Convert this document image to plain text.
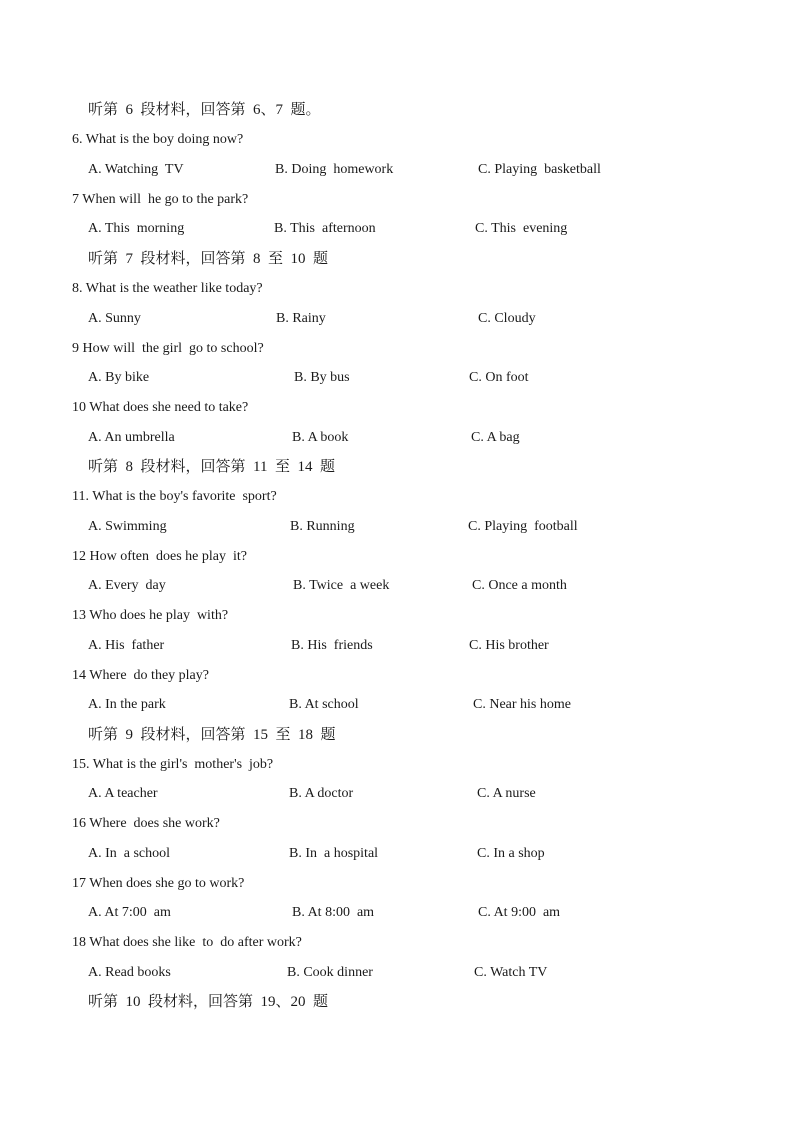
听第  6  段材料，回答第  6、7  题。
6. What is the boy doing now?
A. Watching  TV	B. Doing  homework	C. Playing  basketball
7 When will  he go to the park?
A. This  morning	B. This  afternoon	C. This  evening
听第  7  段材料，回答第  8  至  10  题
8. What is the weather like today?
A. Sunny	B. Rainy	C. Cloudy
9 How will  the girl  go to school?
A. By bike	B. By bus	C. On foot
10 What does she need to take?
A. An umbrella	B. A book	C. A bag
听第  8  段材料，回答第  11  至  14  题
11. What is the boy's favorite  sport?
A. Swimming	B. Running	C. Playing  football
12 How often  does he play  it?
A. Every  day	B. Twice  a week	C. Once a month
13 Who does he play  with?
A. His  father	B. His  friends	C. His brother
14 Where  do they play?
A. In the park	B. At school	C. Near his home
听第  9  段材料，回答第  15  至  18  题
15. What is the girl's  mother's  job?
A. A teacher	B. A doctor	C. A nurse
16 Where  does she work?
A. In  a school	B. In  a hospital	C. In a shop
17 When does she go to work?
A. At 7:00  am	B. At 8:00  am	C. At 9:00  am
18 What does she like  to  do after work?
A. Read books	B. Cook dinner	C. Watch TV
听第  10  段材料，回答第  19、20  题
